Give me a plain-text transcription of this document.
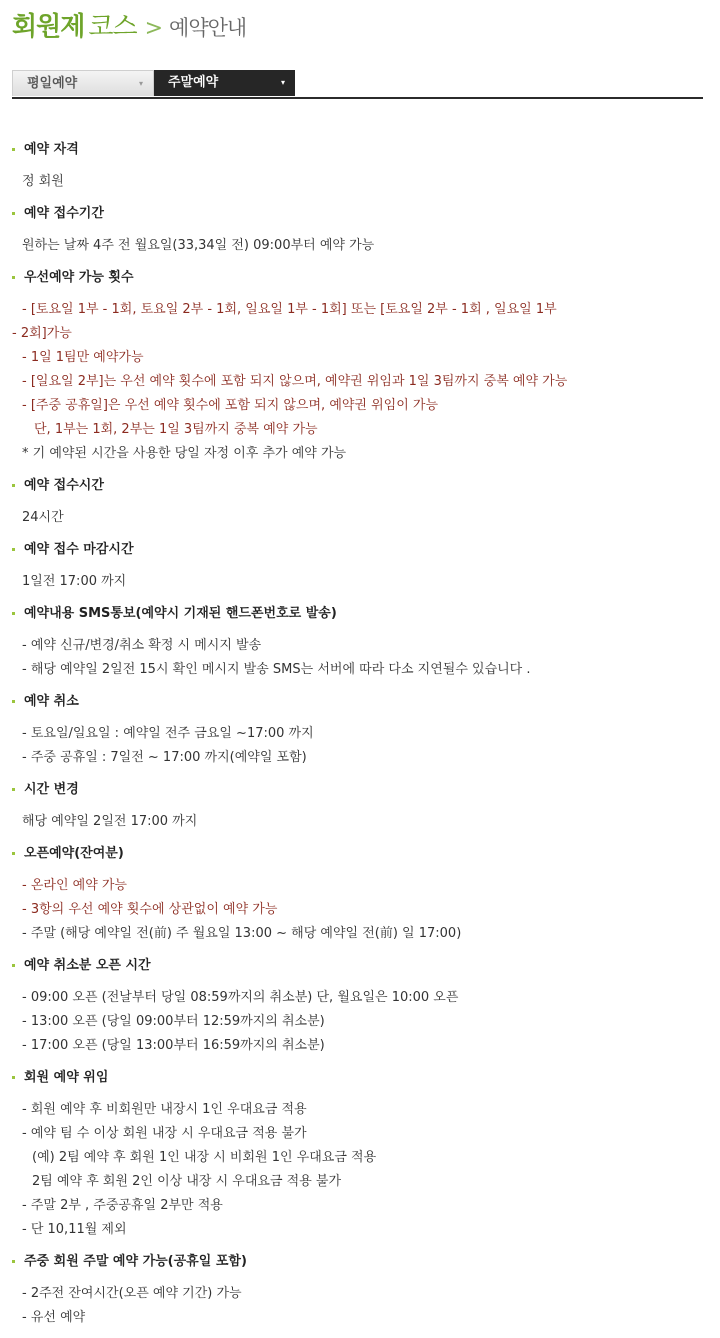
회원제 코스 > 예약안내
평일예약	▾	주말예약	▾
예약 자격
정 회원
예약 접수기간
원하는 날짜 4주 전 월요일(33,34일 전) 09:00부터 예약 가능
우선예약 가능 횟수
- [토요일 1부 - 1회, 토요일 2부 - 1회, 일요일 1부 - 1회] 또는 [토요일 2부 - 1회 , 일요일 1부
- 2회]가능
- 1일 1팀만 예약가능
- [일요일 2부]는 우선 예약 횟수에 포함 되지 않으며, 예약권 위임과 1일 3팀까지 중복 예약 가능
- [주중 공휴일]은 우선 예약 횟수에 포함 되지 않으며, 예약권 위임이 가능
단, 1부는 1회, 2부는 1일 3팀까지 중복 예약 가능
* 기 예약된 시간을 사용한 당일 자정 이후 추가 예약 가능
예약 접수시간
24시간
예약 접수 마감시간
1일전 17:00 까지
예약내용 SMS통보(예약시 기재된 핸드폰번호로 발송)
- 예약 신규/변경/취소 확정 시 메시지 발송
- 해당 예약일 2일전 15시 확인 메시지 발송 SMS는 서버에 따라 다소 지연될수 있습니다 .
예약 취소
- 토요일/일요일 : 예약일 전주 금요일 ~17:00 까지
- 주중 공휴일 : 7일전 ~ 17:00 까지(예약일 포함)
시간 변경
해당 예약일 2일전 17:00 까지
오픈예약(잔여분)
- 온라인 예약 가능
- 3항의 우선 예약 횟수에 상관없이 예약 가능
- 주말 (해당 예약일 전(前) 주 월요일 13:00 ~ 해당 예약일 전(前) 일 17:00)
예약 취소분 오픈 시간
- 09:00 오픈 (전날부터 당일 08:59까지의 취소분) 단, 월요일은 10:00 오픈
- 13:00 오픈 (당일 09:00부터 12:59까지의 취소분)
- 17:00 오픈 (당일 13:00부터 16:59까지의 취소분)
회원 예약 위임
- 회원 예약 후 비회원만 내장시 1인 우대요금 적용
- 예약 팀 수 이상 회원 내장 시 우대요금 적용 불가
(예) 2팀 예약 후 회원 1인 내장 시 비회원 1인 우대요금 적용
2팀 예약 후 회원 2인 이상 내장 시 우대요금 적용 불가
- 주말 2부 , 주중공휴일 2부만 적용
- 단 10,11월 제외
주중 회원 주말 예약 가능(공휴일 포함)
- 2주전 잔여시간(오픈 예약 기간) 가능
- 유선 예약
